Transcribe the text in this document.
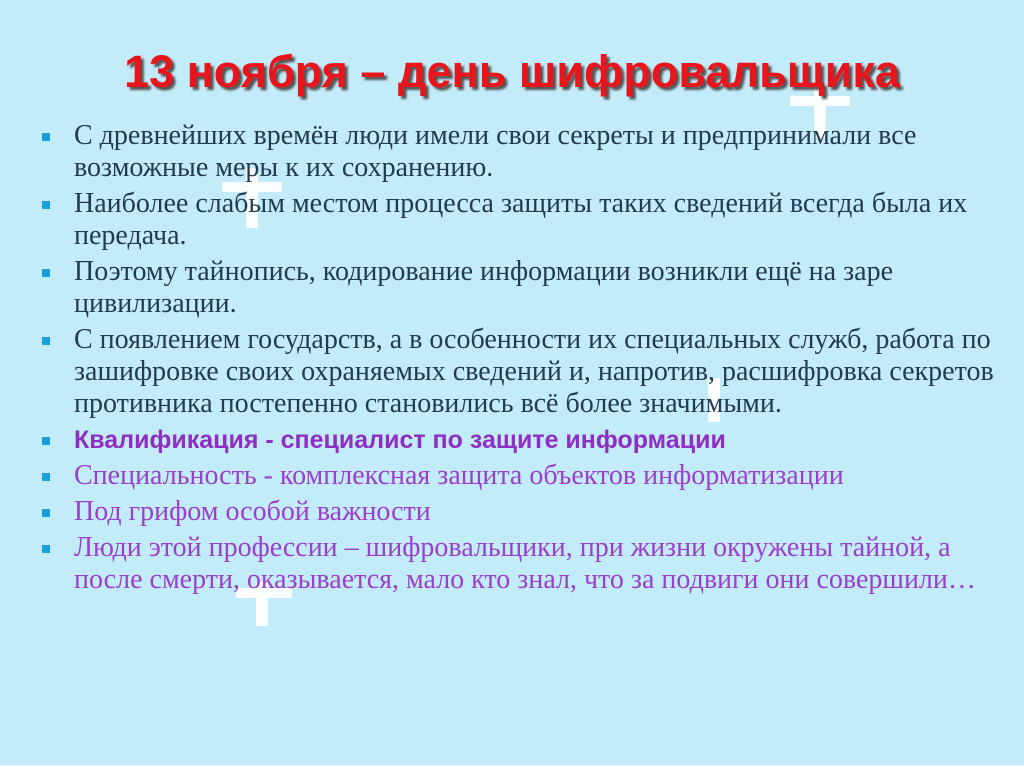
13 ноября – день шифровальщика
С древнейших времён люди имели свои секреты и предпринимали все возможные меры к их сохранению.
Наиболее слабым местом процесса защиты таких сведений всегда была их передача.
Поэтому тайнопись, кодирование информации возникли ещё на заре цивилизации.
С появлением государств, а в особенности их специальных служб, работа по зашифровке своих охраняемых сведений и, напротив, расшифровка секретов противника постепенно становились всё более значимыми.
Квалификация - специалист по защите информации
Специальность - комплексная защита объектов информатизации
Под грифом особой важности
Люди этой профессии – шифровальщики, при жизни окружены тайной, а после смерти, оказывается, мало кто знал, что за подвиги они совершили…
